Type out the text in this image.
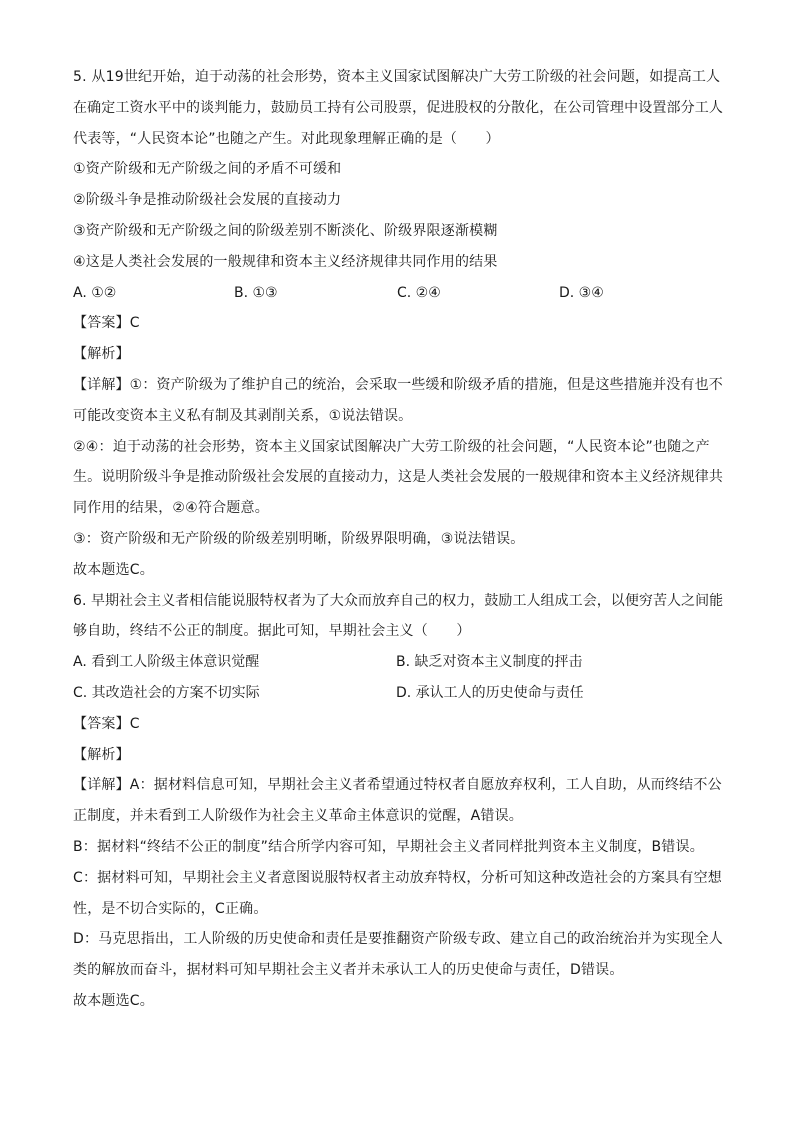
5. 从19世纪开始，迫于动荡的社会形势，资本主义国家试图解决广大劳工阶级的社会问题，如提高工人
在确定工资水平中的谈判能力，鼓励员工持有公司股票，促进股权的分散化，在公司管理中设置部分工人
代表等，“人民资本论”也随之产生。对此现象理解正确的是（　　）
①资产阶级和无产阶级之间的矛盾不可缓和
②阶级斗争是推动阶级社会发展的直接动力
③资产阶级和无产阶级之间的阶级差别不断淡化、阶级界限逐渐模糊
④这是人类社会发展的一般规律和资本主义经济规律共同作用的结果
A. ①②	B. ①③	C. ②④	D. ③④
【答案】C
【解析】
【详解】①：资产阶级为了维护自己的统治，会采取一些缓和阶级矛盾的措施，但是这些措施并没有也不
可能改变资本主义私有制及其剥削关系，①说法错误。
②④：迫于动荡的社会形势，资本主义国家试图解决广大劳工阶级的社会问题，“人民资本论”也随之产
生。说明阶级斗争是推动阶级社会发展的直接动力，这是人类社会发展的一般规律和资本主义经济规律共
同作用的结果，②④符合题意。
③：资产阶级和无产阶级的阶级差别明晰，阶级界限明确，③说法错误。
故本题选C。
6. 早期社会主义者相信能说服特权者为了大众而放弃自己的权力，鼓励工人组成工会，以便穷苦人之间能
够自助，终结不公正的制度。据此可知，早期社会主义（　　）
A. 看到工人阶级主体意识觉醒	B. 缺乏对资本主义制度的抨击
C. 其改造社会的方案不切实际	D. 承认工人的历史使命与责任
【答案】C
【解析】
【详解】A：据材料信息可知，早期社会主义者希望通过特权者自愿放弃权利，工人自助，从而终结不公
正制度，并未看到工人阶级作为社会主义革命主体意识的觉醒，A错误。
B：据材料“终结不公正的制度”结合所学内容可知，早期社会主义者同样批判资本主义制度，B错误。
C：据材料可知，早期社会主义者意图说服特权者主动放弃特权，分析可知这种改造社会的方案具有空想
性，是不切合实际的，C正确。
D：马克思指出，工人阶级的历史使命和责任是要推翻资产阶级专政、建立自己的政治统治并为实现全人
类的解放而奋斗，据材料可知早期社会主义者并未承认工人的历史使命与责任，D错误。
故本题选C。
